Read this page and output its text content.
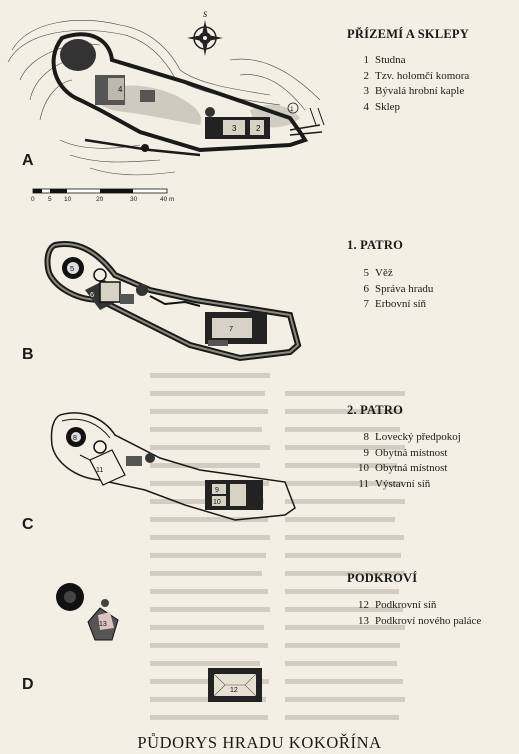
S
4
3 2
1
5
6
7
8
9
10
11
12
13
0 5 10	20	30	40 m
A
B
C
D
PŘÍZEMÍ A SKLEPY
1 Studna
2 Tzv. holomčí komora
3 Bývalá hrobní kaple
4 Sklep
1. PATRO
5 Věž
6 Správa hradu
7 Erbovní síň
2. PATRO
8 Lovecký předpokoj
9 Obytná místnost
10 Obytná místnost
11 Výstavní síň
PODKROVÍ
12 Podkrovní síň
13 Podkroví nového paláce
PŮDORYS HRADU KOKOŘÍNA
